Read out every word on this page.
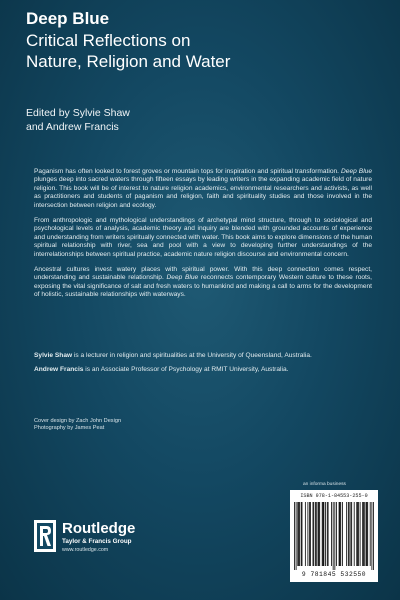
Deep Blue
Critical Reflections on
Nature, Religion and Water
Edited by Sylvie Shaw
and Andrew Francis

Paganism has often looked to forest groves or mountain tops for inspiration and spiritual transformation. Deep Blue plunges deep into sacred waters through fifteen essays by leading writers in the expanding academic field of nature religion. This book will be of interest to nature religion academics, environmental researchers and activists, as well as practitioners and students of paganism and religion, faith and spirituality studies and those involved in the intersection between religion and ecology.

From anthropologic and mythological understandings of archetypal mind structure, through to sociological and psychological levels of analysis, academic theory and inquiry are blended with grounded accounts of experience and understanding from writers spiritually connected with water. This book aims to explore dimensions of the human spiritual relationship with river, sea and pool with a view to developing further understandings of the interrelationships between spiritual practice, academic nature religion discourse and environmental concern.

Ancestral cultures invest watery places with spiritual power. With this deep connection comes respect, understanding and sustainable relationship. Deep Blue reconnects contemporary Western culture to these roots, exposing the vital significance of salt and fresh waters to humankind and making a call to arms for the development of holistic, sustainable relationships with waterways.

Sylvie Shaw is a lecturer in religion and spiritualities at the University of Queensland, Australia.

Andrew Francis is an Associate Professor of Psychology at RMIT University, Australia.

Cover design by Zach John Design
Photography by James Peat
Routledge
Taylor & Francis Group
www.routledge.com
an informa business
ISBN 978-1-84553-255-0
9 781845 532550
